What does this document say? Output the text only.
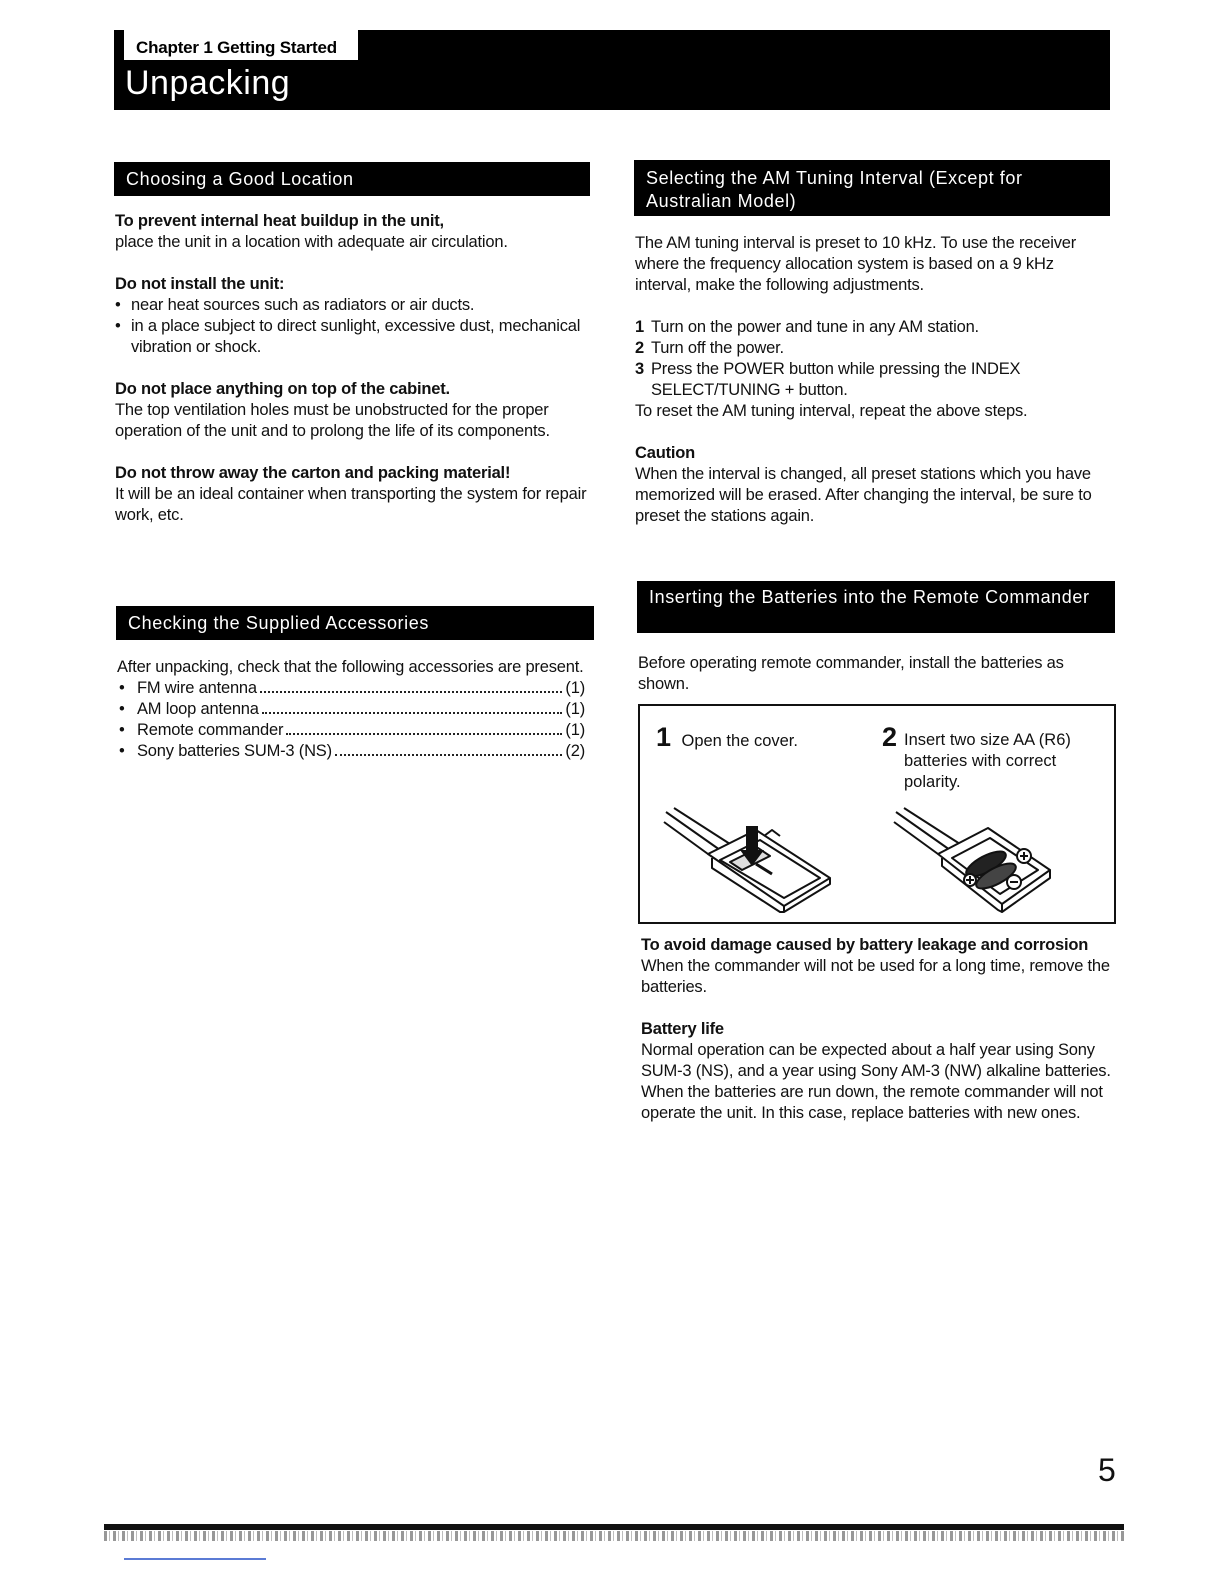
Chapter 1 Getting Started
Unpacking
Choosing a Good Location

To prevent internal heat buildup in the unit,

place the unit in a location with adequate air circulation.

Do not install the unit:

• near heat sources such as radiators or air ducts.

• in a place subject to direct sunlight, excessive dust, mechanical vibration or shock.

Do not place anything on top of the cabinet.

The top ventilation holes must be unobstructed for the proper operation of the unit and to prolong the life of its components.

Do not throw away the carton and packing material!

It will be an ideal container when transporting the system for repair work, etc.

Checking the Supplied Accessories

After unpacking, check that the following accessories are present.

• FM wire antenna	(1)
• AM loop antenna	(1)
• Remote commander	(1)
• Sony batteries SUM-3 (NS)	(2)
Selecting the AM Tuning Interval (Except for Australian Model)

The AM tuning interval is preset to 10 kHz. To use the receiver where the frequency allocation system is based on a 9 kHz interval, make the following adjustments.

1 Turn on the power and tune in any AM station.

2 Turn off the power.

3 Press the POWER button while pressing the INDEX SELECT/TUNING + button.

To reset the AM tuning interval, repeat the above steps.

Caution

When the interval is changed, all preset stations which you have memorized will be erased. After changing the interval, be sure to preset the stations again.

Inserting the Batteries into the Remote Commander
Before operating remote commander, install the batteries as shown.
1 Open the cover.	2 Insert two size AA (R6) batteries with correct polarity.

To avoid damage caused by battery leakage and corrosion

When the commander will not be used for a long time, remove the batteries.

Battery life

Normal operation can be expected about a half year using Sony SUM-3 (NS), and a year using Sony AM-3 (NW) alkaline batteries.

When the batteries are run down, the remote commander will not operate the unit. In this case, replace batteries with new ones.

5
